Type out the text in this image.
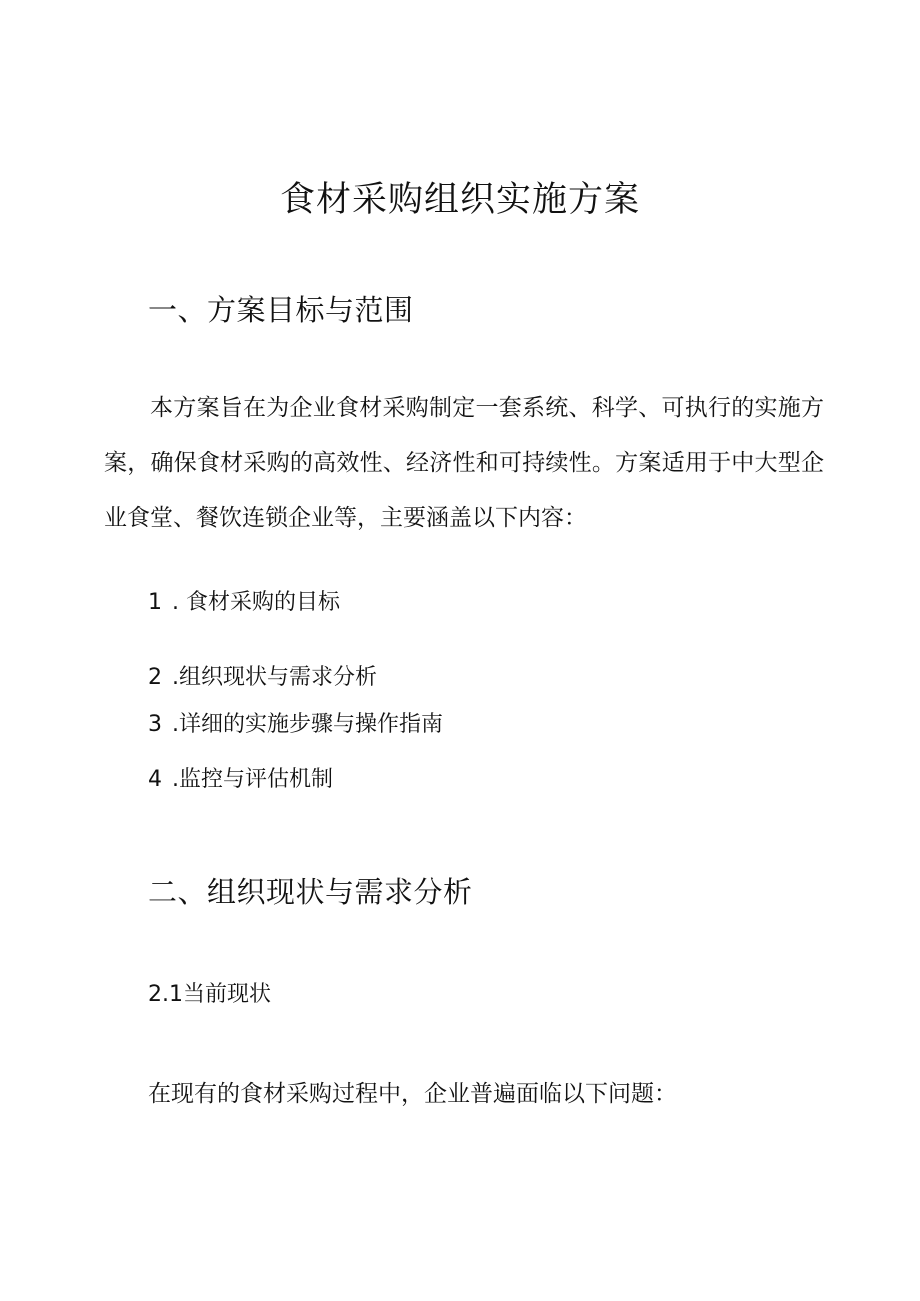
食材采购组织实施方案
一、方案目标与范围

本方案旨在为企业食材采购制定一套系统、科学、可执行的实施方案，确保食材采购的高效性、经济性和可持续性。方案适用于中大型企业食堂、餐饮连锁企业等，主要涵盖以下内容：

1 . 食材采购的目标
2 .组织现状与需求分析
3 .详细的实施步骤与操作指南
4 .监控与评估机制
二、组织现状与需求分析
2.1当前现状

在现有的食材采购过程中，企业普遍面临以下问题：
